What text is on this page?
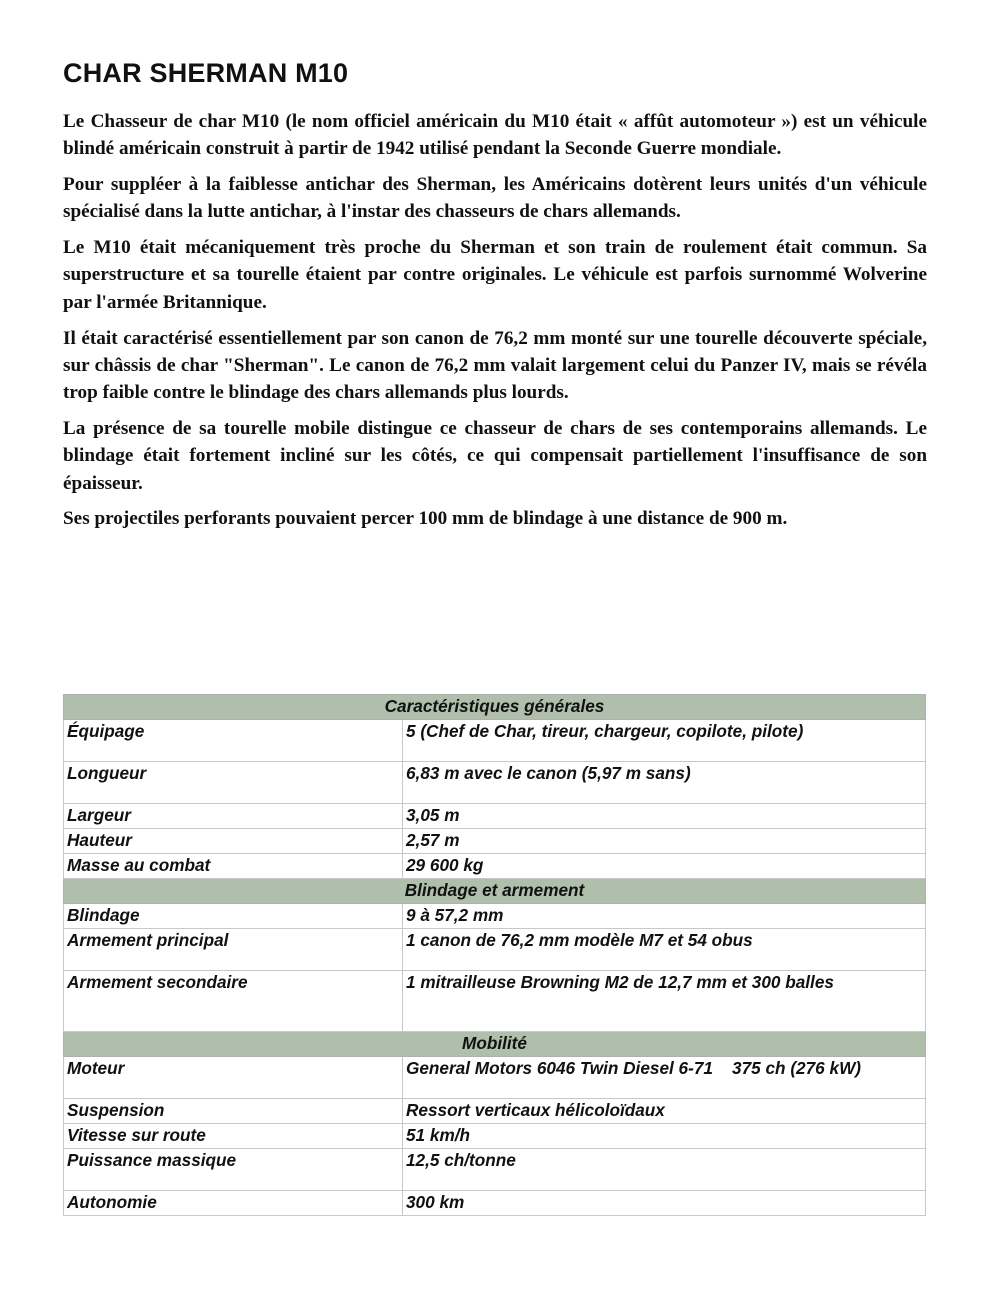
CHAR SHERMAN M10

Le Chasseur de char M10 (le nom officiel américain du M10 était « affût automoteur ») est un véhicule blindé américain construit à partir de 1942 utilisé pendant la Seconde Guerre mondiale.

Pour suppléer à la faiblesse antichar des Sherman, les Américains dotèrent leurs unités d'un véhicule spécialisé dans la lutte antichar, à l'instar des chasseurs de chars allemands.

Le M10 était mécaniquement très proche du Sherman et son train de roulement était commun. Sa superstructure et sa tourelle étaient par contre originales. Le véhicule est parfois surnommé Wolverine par l'armée Britannique.

Il était caractérisé essentiellement par son canon de 76,2 mm monté sur une tourelle découverte spéciale, sur châssis de char "Sherman". Le canon de 76,2 mm valait largement celui du Panzer IV, mais se révéla trop faible contre le blindage des chars allemands plus lourds.

La présence de sa tourelle mobile distingue ce chasseur de chars de ses contemporains allemands. Le blindage était fortement incliné sur les côtés, ce qui compensait partiellement l'insuffisance de son épaisseur.

Ses projectiles perforants pouvaient percer 100 mm de blindage à une distance de 900 m.

Caractéristiques générales	
Équipage	5 (Chef de Char, tireur, chargeur, copilote, pilote)
Longueur	6,83 m avec le canon (5,97 m sans)
Largeur	3,05 m
Hauteur	2,57 m
Masse au combat	29 600 kg
Blindage et armement	
Blindage	9 à 57,2 mm
Armement principal	1 canon de 76,2 mm modèle M7 et 54 obus
Armement secondaire	1 mitrailleuse Browning M2 de 12,7 mm et 300 balles
Mobilité	
Moteur	General Motors 6046 Twin Diesel 6-71    375 ch (276 kW)
Suspension	Ressort verticaux hélicoloïdaux
Vitesse sur route	51 km/h
Puissance massique	12,5 ch/tonne
Autonomie	300 km
